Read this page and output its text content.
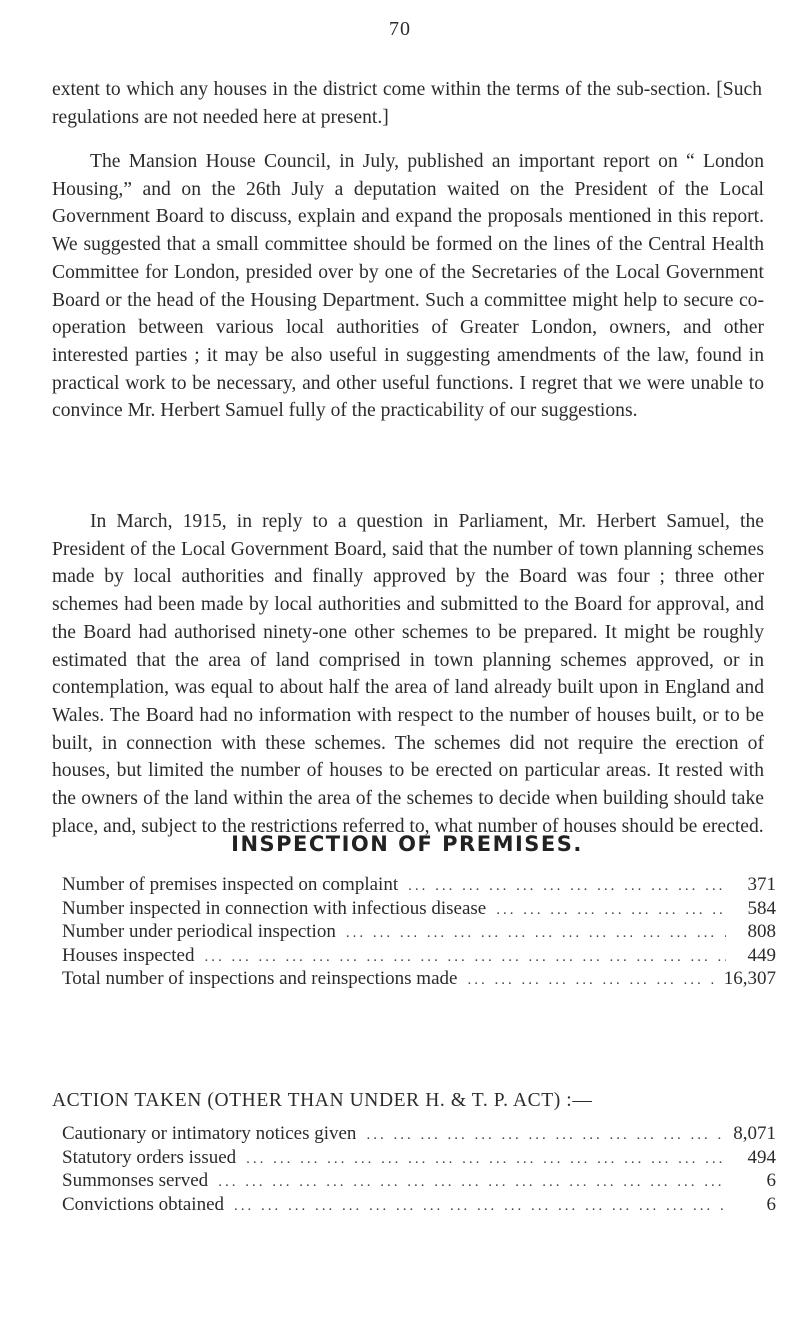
70

extent to which any houses in the district come within the terms of the sub-section. [Such regulations are not needed here at present.]

The Mansion House Council, in July, published an important report on “ London Housing,” and on the 26th July a deputation waited on the President of the Local Government Board to discuss, explain and expand the proposals mentioned in this report. We suggested that a small committee should be formed on the lines of the Central Health Committee for London, presided over by one of the Secretaries of the Local Government Board or the head of the Housing Department. Such a committee might help to secure co-operation between various local authorities of Greater London, owners, and other interested parties ; it may be also useful in suggesting amendments of the law, found in practical work to be necessary, and other useful functions. I regret that we were unable to convince Mr. Herbert Samuel fully of the practicability of our suggestions.

In March, 1915, in reply to a question in Parliament, Mr. Herbert Samuel, the President of the Local Government Board, said that the number of town planning schemes made by local authorities and finally approved by the Board was four ; three other schemes had been made by local authorities and submitted to the Board for approval, and the Board had authorised ninety-one other schemes to be prepared. It might be roughly estimated that the area of land comprised in town planning schemes approved, or in contemplation, was equal to about half the area of land already built upon in England and Wales. The Board had no information with respect to the number of houses built, or to be built, in connection with these schemes. The schemes did not require the erection of houses, but limited the number of houses to be erected on particular areas. It rested with the owners of the land within the area of the schemes to decide when building should take place, and, subject to the restrictions referred to, what number of houses should be erected.

INSPECTION OF PREMISES.
Number of premises inspected on complaint ... .	371
Number inspected in connection with infectious disease ... .	584
Number under periodical inspection ... .	808
Houses inspected ... .	449
Total number of inspections and reinspections made ... .	16,307
ACTION TAKEN (OTHER THAN UNDER H. & T. P. ACT) :—
Cautionary or intimatory notices given ... .	8,071
Statutory orders issued ... .	494
Summonses served ... .	6
Convictions obtained ... .	6
